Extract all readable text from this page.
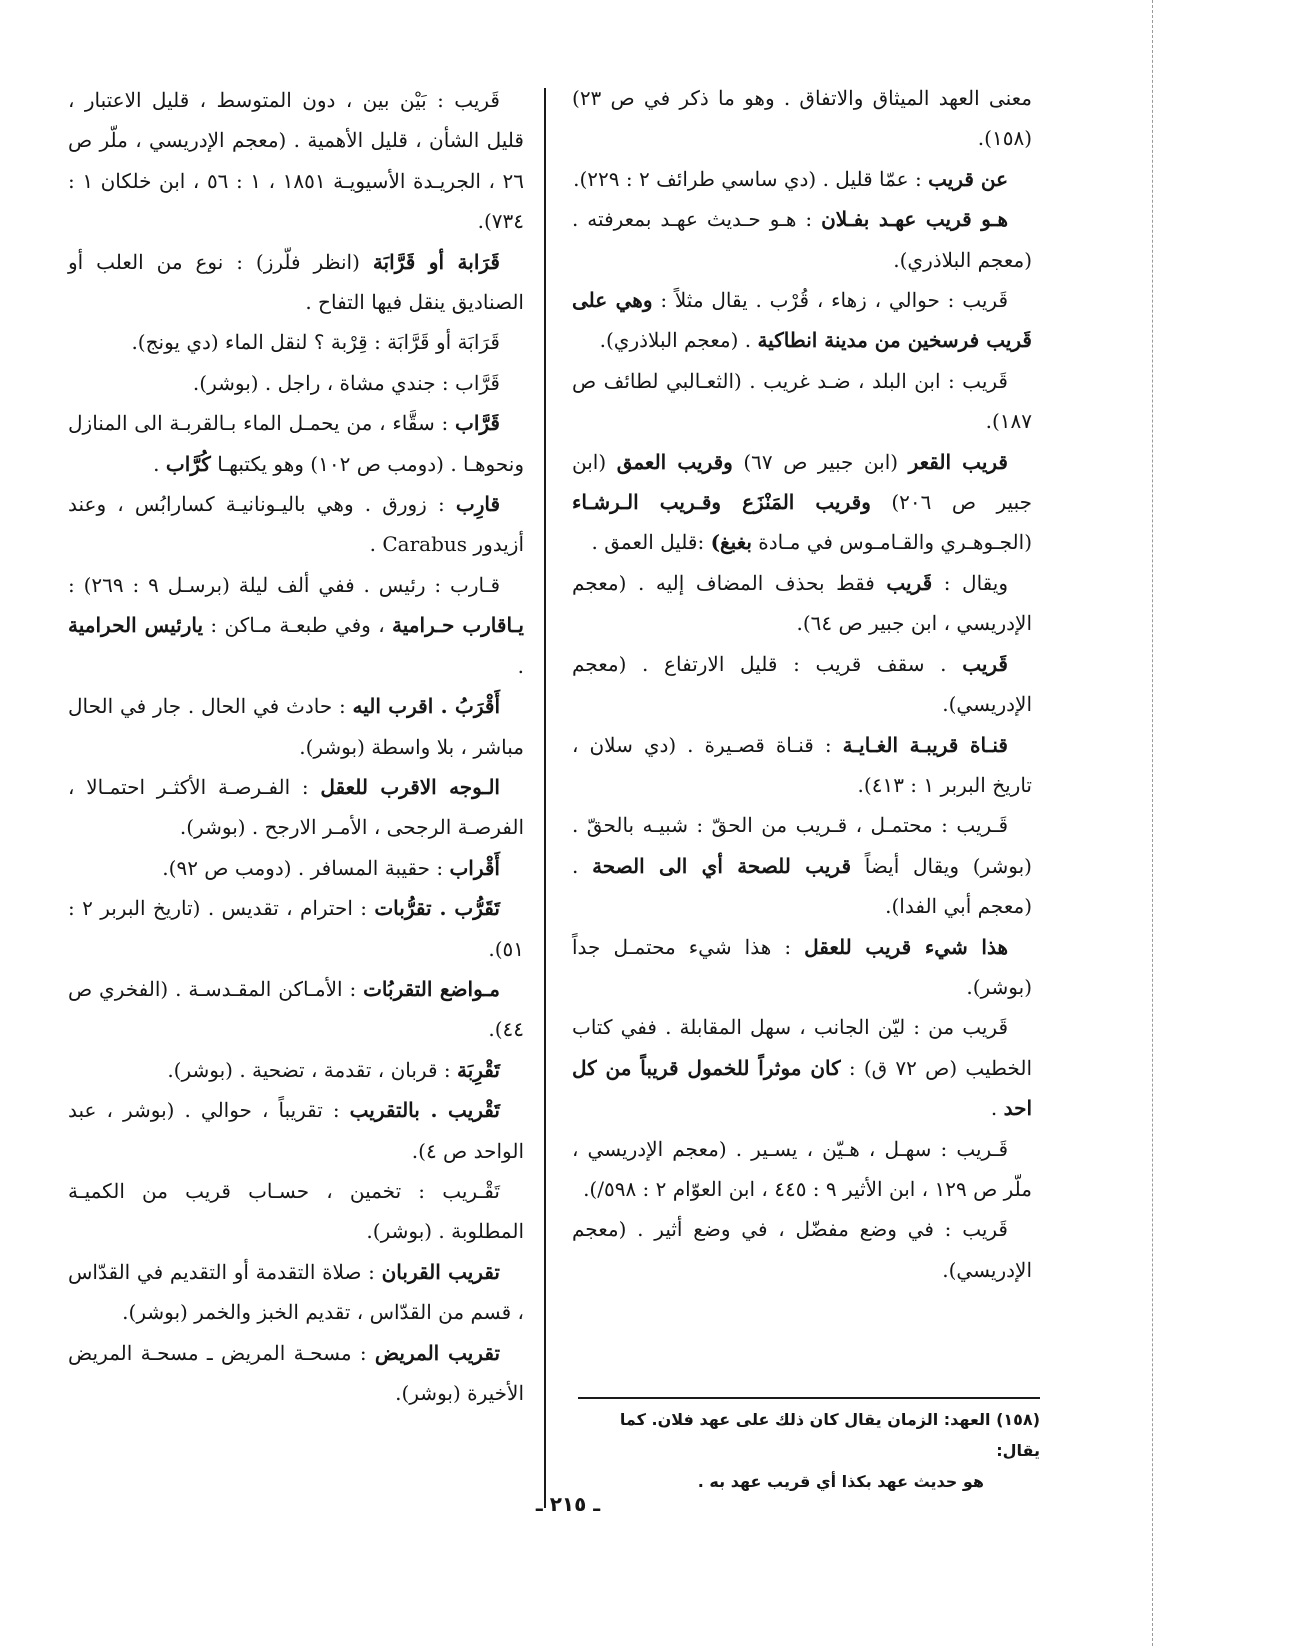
معنى العهد الميثاق والاتفاق . وهو ما ذكر في ص ٢٣)(١٥٨).

عن قريب : عمّا قليل . (دي ساسي طرائف ٢ : ٢٢٩).

هـو قريب عهـد بفـلان : هـو حـديث عهـد بمعرفته . (معجم البلاذري).

قَريب : حوالي ، زهاء ، قُرْب . يقال مثلاً : وهي على قَريب فرسخين من مدينة انطاكية . (معجم البلاذري).

قَريب : ابن البلد ، ضـد غريب . (الثعـالبي لطائف ص ١٨٧).

قريب القعر (ابن جبير ص ٦٧) وقريب العمق (ابن جبير ص ٢٠٦) وقريب المَنْزَع وقـريب الـرشـاء (الجـوهـري والقـامـوس في مـادة بغبغ) :قليل العمق .

ويقال : قَريب فقط بحذف المضاف إليه . (معجم الإدريسي ، ابن جبير ص ٦٤).

قَريب . سقف قريب : قليل الارتفاع . (معجم الإدريسي).

قنـاة قريبـة الغـايـة : قنـاة قصـيرة . (دي سلان ، تاريخ البربر ١ : ٤١٣).

قَـريب : محتمـل ، قـريب من الحقّ : شبيـه بالحقّ . (بوشر) ويقال أيضاً قريب للصحة أي الى الصحة . (معجم أبي الفدا).

هذا شيء قريب للعقل : هذا شيء محتمـل جداً (بوشر).

قَريب من : ليّن الجانب ، سهل المقابلة . ففي كتاب الخطيب (ص ٧٢ ق) : كان موثراً للخمول قريباً من كل احد .

قَـريب : سهـل ، هـيّن ، يسـير . (معجم الإدريسي ، ملّر ص ١٢٩ ، ابن الأثير ٩ : ٤٤٥ ، ابن العوّام ٢ : ٥٩٨/).

قَريب : في وضع مفضّل ، في وضع أثير . (معجم الإدريسي).

قَريب : بَيْن بين ، دون المتوسط ، قليل الاعتبار ، قليل الشأن ، قليل الأهمية . (معجم الإدريسي ، ملّر ص ٢٦ ، الجريـدة الأسيويـة ١٨٥١ ، ١ : ٥٦ ، ابن خلكان ١ : ٧٣٤).

قَرَابة أو قَرَّابَة (انظر فلّرز) : نوع من العلب أو الصناديق ينقل فيها التفاح .

قَرَابَة أو قَرَّابَة : قِرْبة ؟ لنقل الماء (دي يونج).

قَرَّاب : جندي مشاة ، راجل . (بوشر).

قَرَّاب : سقَّاء ، من يحمـل الماء بـالقربـة الى المنازل ونحوهـا . (دومب ص ١٠٢) وهو يكتبهـا كُرَّاب .

قارِب : زورق . وهي باليـونانيـة كسارابُس ، وعند أزيدور Carabus .

قـارب : رئيس . ففي ألف ليلة (برسـل ٩ : ٢٦٩) : يـاقارب حـرامية ، وفي طبعـة مـاكن : يارئيس الحرامية .

أَقْرَبُ . اقرب اليه : حادث في الحال . جار في الحال مباشر ، بلا واسطة (بوشر).

الـوجه الاقرب للعقل : الفـرصـة الأكثـر احتمـالا ، الفرصـة الرجحى ، الأمـر الارجح . (بوشر).

أَقْراب : حقيبة المسافر . (دومب ص ٩٢).

تَقَرُّب . تقرُّبات : احترام ، تقديس . (تاريخ البربر ٢ : ٥١).

مـواضع التقربُات : الأمـاكن المقـدسـة . (الفخري ص ٤٤).

تَقْرِبَة : قربان ، تقدمة ، تضحية . (بوشر).

تَقْريب . بالتقريب : تقريباً ، حوالي . (بوشر ، عبد الواحد ص ٤).

تَقْـريب : تخمين ، حسـاب قريب من الكميـة المطلوبة . (بوشر).

تقريب القربان : صلاة التقدمة أو التقديم في القدّاس ، قسم من القدّاس ، تقديم الخبز والخمر (بوشر).

تقريب المريض : مسحـة المريض ـ مسحـة المريض الأخيرة (بوشر).

(١٥٨) العهد: الزمان يقال كان ذلك على عهد فلان. كما يقال:

هو حديث عهد بكذا أي قريب عهد به .

ـ ٢١٥ ـ
